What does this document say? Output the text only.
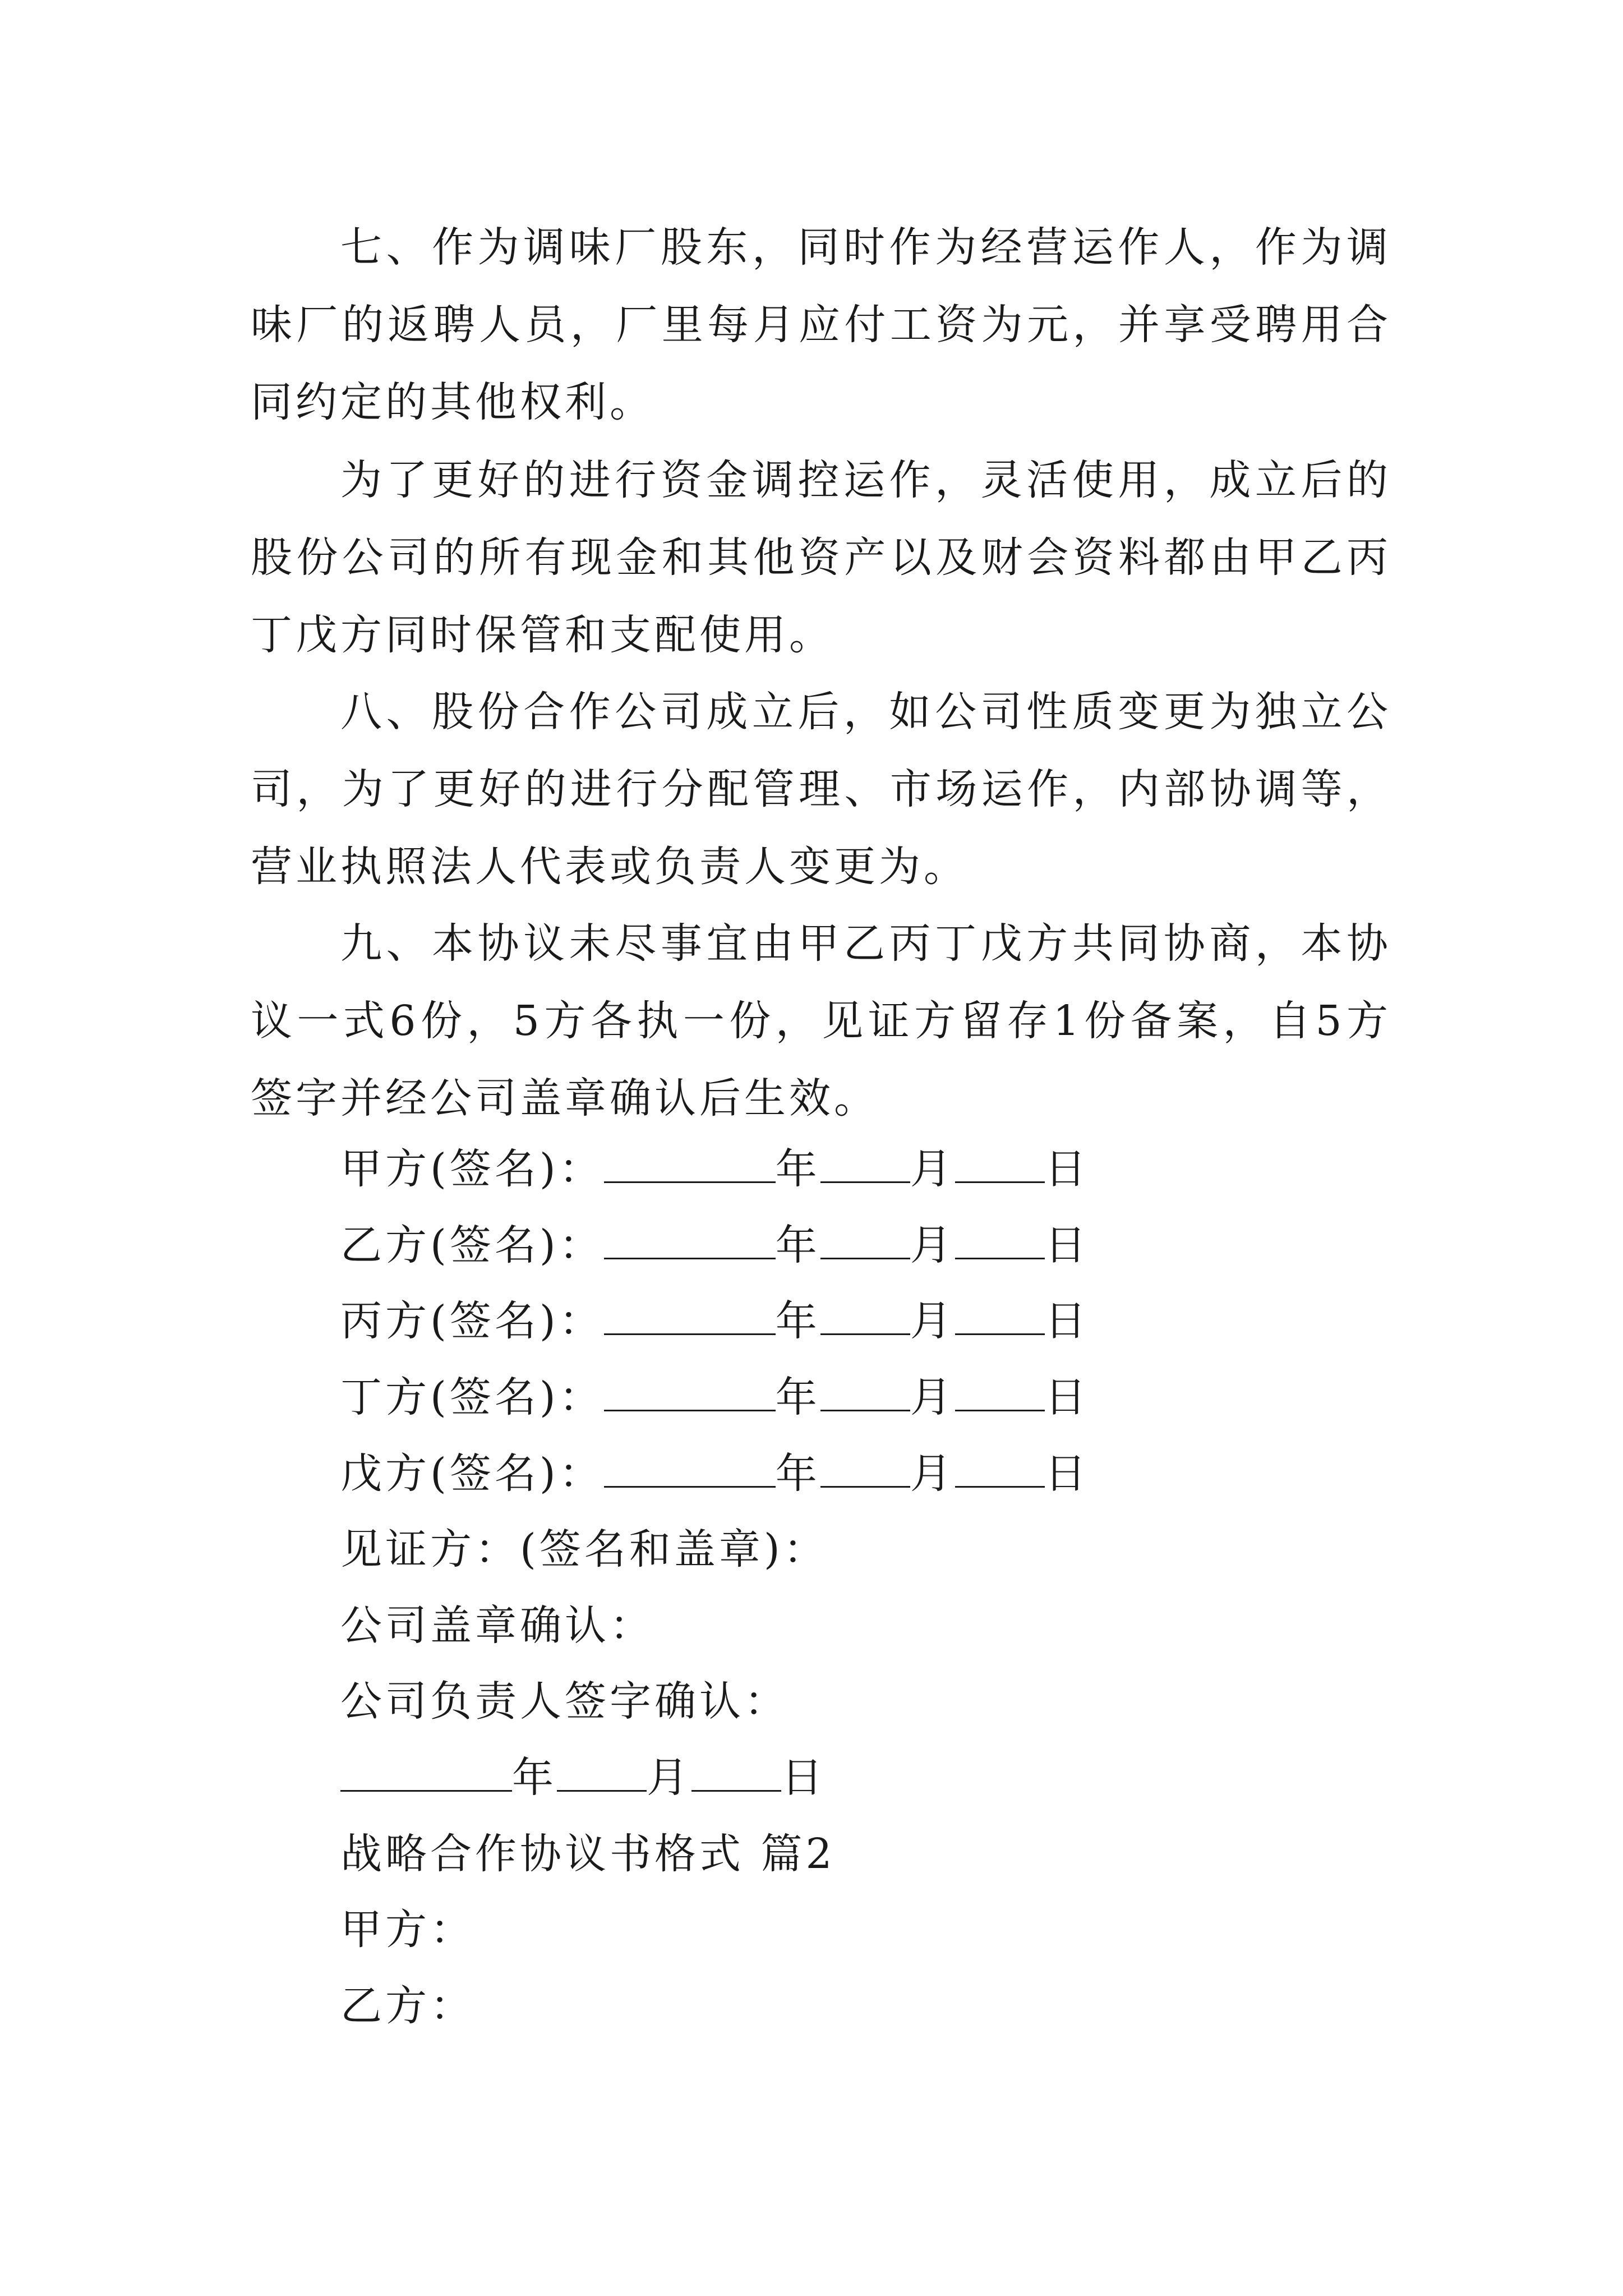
七、作为调味厂股东，同时作为经营运作人，作为调味厂的返聘人员，厂里每月应付工资为元，并享受聘用合同约定的其他权利。

为了更好的进行资金调控运作，灵活使用，成立后的股份公司的所有现金和其他资产以及财会资料都由甲乙丙丁戊方同时保管和支配使用。

八、股份合作公司成立后，如公司性质变更为独立公司，为了更好的进行分配管理、市场运作，内部协调等，营业执照法人代表或负责人变更为。

九、本协议未尽事宜由甲乙丙丁戊方共同协商，本协议一式6份，5方各执一份，见证方留存1份备案，自5方签字并经公司盖章确认后生效。

甲方(签名)：	年 月 日
乙方(签名)：	年 月 日
丙方(签名)：	年 月 日
丁方(签名)：	年 月 日
戊方(签名)：	年 月 日
见证方：(签名和盖章)：
公司盖章确认：
公司负责人签字确认：
年 月 日
战略合作协议书格式 篇2
甲方：
乙方：
